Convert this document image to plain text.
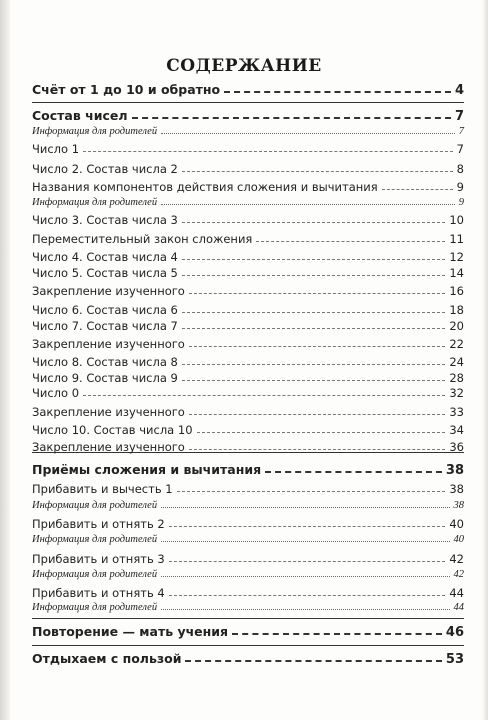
СОДЕРЖАНИЕ
Счёт от 1 до 10 и обратно	4
Состав чисел	7
Информация для родителей	7
Число 1	7
Число 2. Состав числа 2	8
Названия компонентов действия сложения и вычитания	9
Информация для родителей	9
Число 3. Состав числа 3	10
Переместительный закон сложения	11
Число 4. Состав числа 4	12
Число 5. Состав числа 5	14
Закрепление изученного	16
Число 6. Состав числа 6	18
Число 7. Состав числа 7	20
Закрепление изученного	22
Число 8. Состав числа 8	24
Число 9. Состав числа 9	28
Число 0	32
Закрепление изученного	33
Число 10. Состав числа 10	34
Закрепление изученного	36
Приёмы сложения и вычитания	38
Прибавить и вычесть 1	38
Информация для родителей	38
Прибавить и отнять 2	40
Информация для родителей	40
Прибавить и отнять 3	42
Информация для родителей	42
Прибавить и отнять 4	44
Информация для родителей	44
Повторение — мать учения	46
Отдыхаем с пользой	53
